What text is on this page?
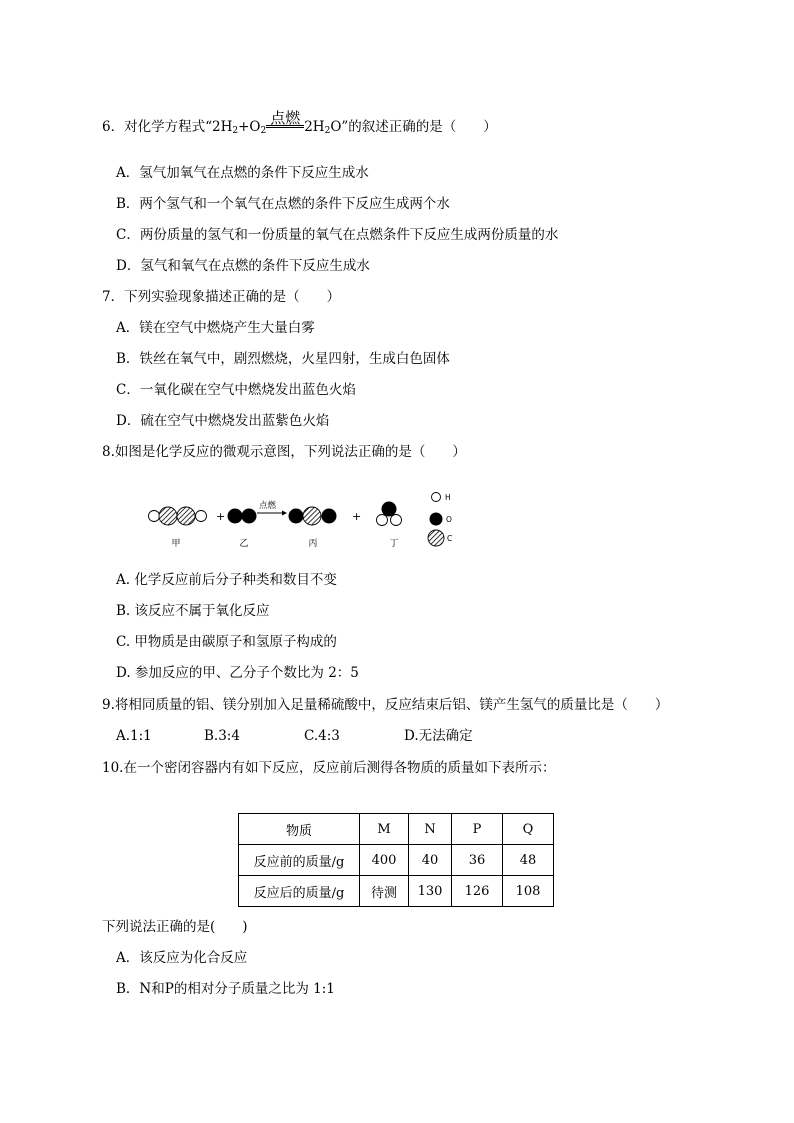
6．对化学方程式“$2H_2+O_2$
点燃 $2H_2O$”的叙述正确的是（　　）
A．氢气加氧气在点燃的条件下反应生成水
B．两个氢气和一个氧气在点燃的条件下反应生成两个水
C．两份质量的氢气和一份质量的氧气在点燃条件下反应生成两份质量的水
D．氢气和氧气在点燃的条件下反应生成水
7．下列实验现象描述正确的是（　　）
A．镁在空气中燃烧产生大量白雾
B．铁丝在氧气中，剧烈燃烧，火星四射，生成白色固体
C．一氧化碳在空气中燃烧发出蓝色火焰
D．硫在空气中燃烧发出蓝紫色火焰
8.如图是化学反应的微观示意图，下列说法正确的是（　　）
+
点燃
+
H
O
C
甲	乙	丙	丁
A. 化学反应前后分子种类和数目不变
B. 该反应不属于氧化反应
C. 甲物质是由碳原子和氢原子构成的
D. 参加反应的甲、乙分子个数比为 2：5
9.将相同质量的铝、镁分别加入足量稀硫酸中，反应结束后铝、镁产生氢气的质量比是（　　）
A.1:1	B.3:4	C.4:3	D.无法确定
10.在一个密闭容器内有如下反应，反应前后测得各物质的质量如下表所示：
物质	M	N	P	Q
反应前的质量/g	400	40	36	48
反应后的质量/g	待测	130	126	108
下列说法正确的是(　　)
A．该反应为化合反应
B．N和P的相对分子质量之比为 1:1
